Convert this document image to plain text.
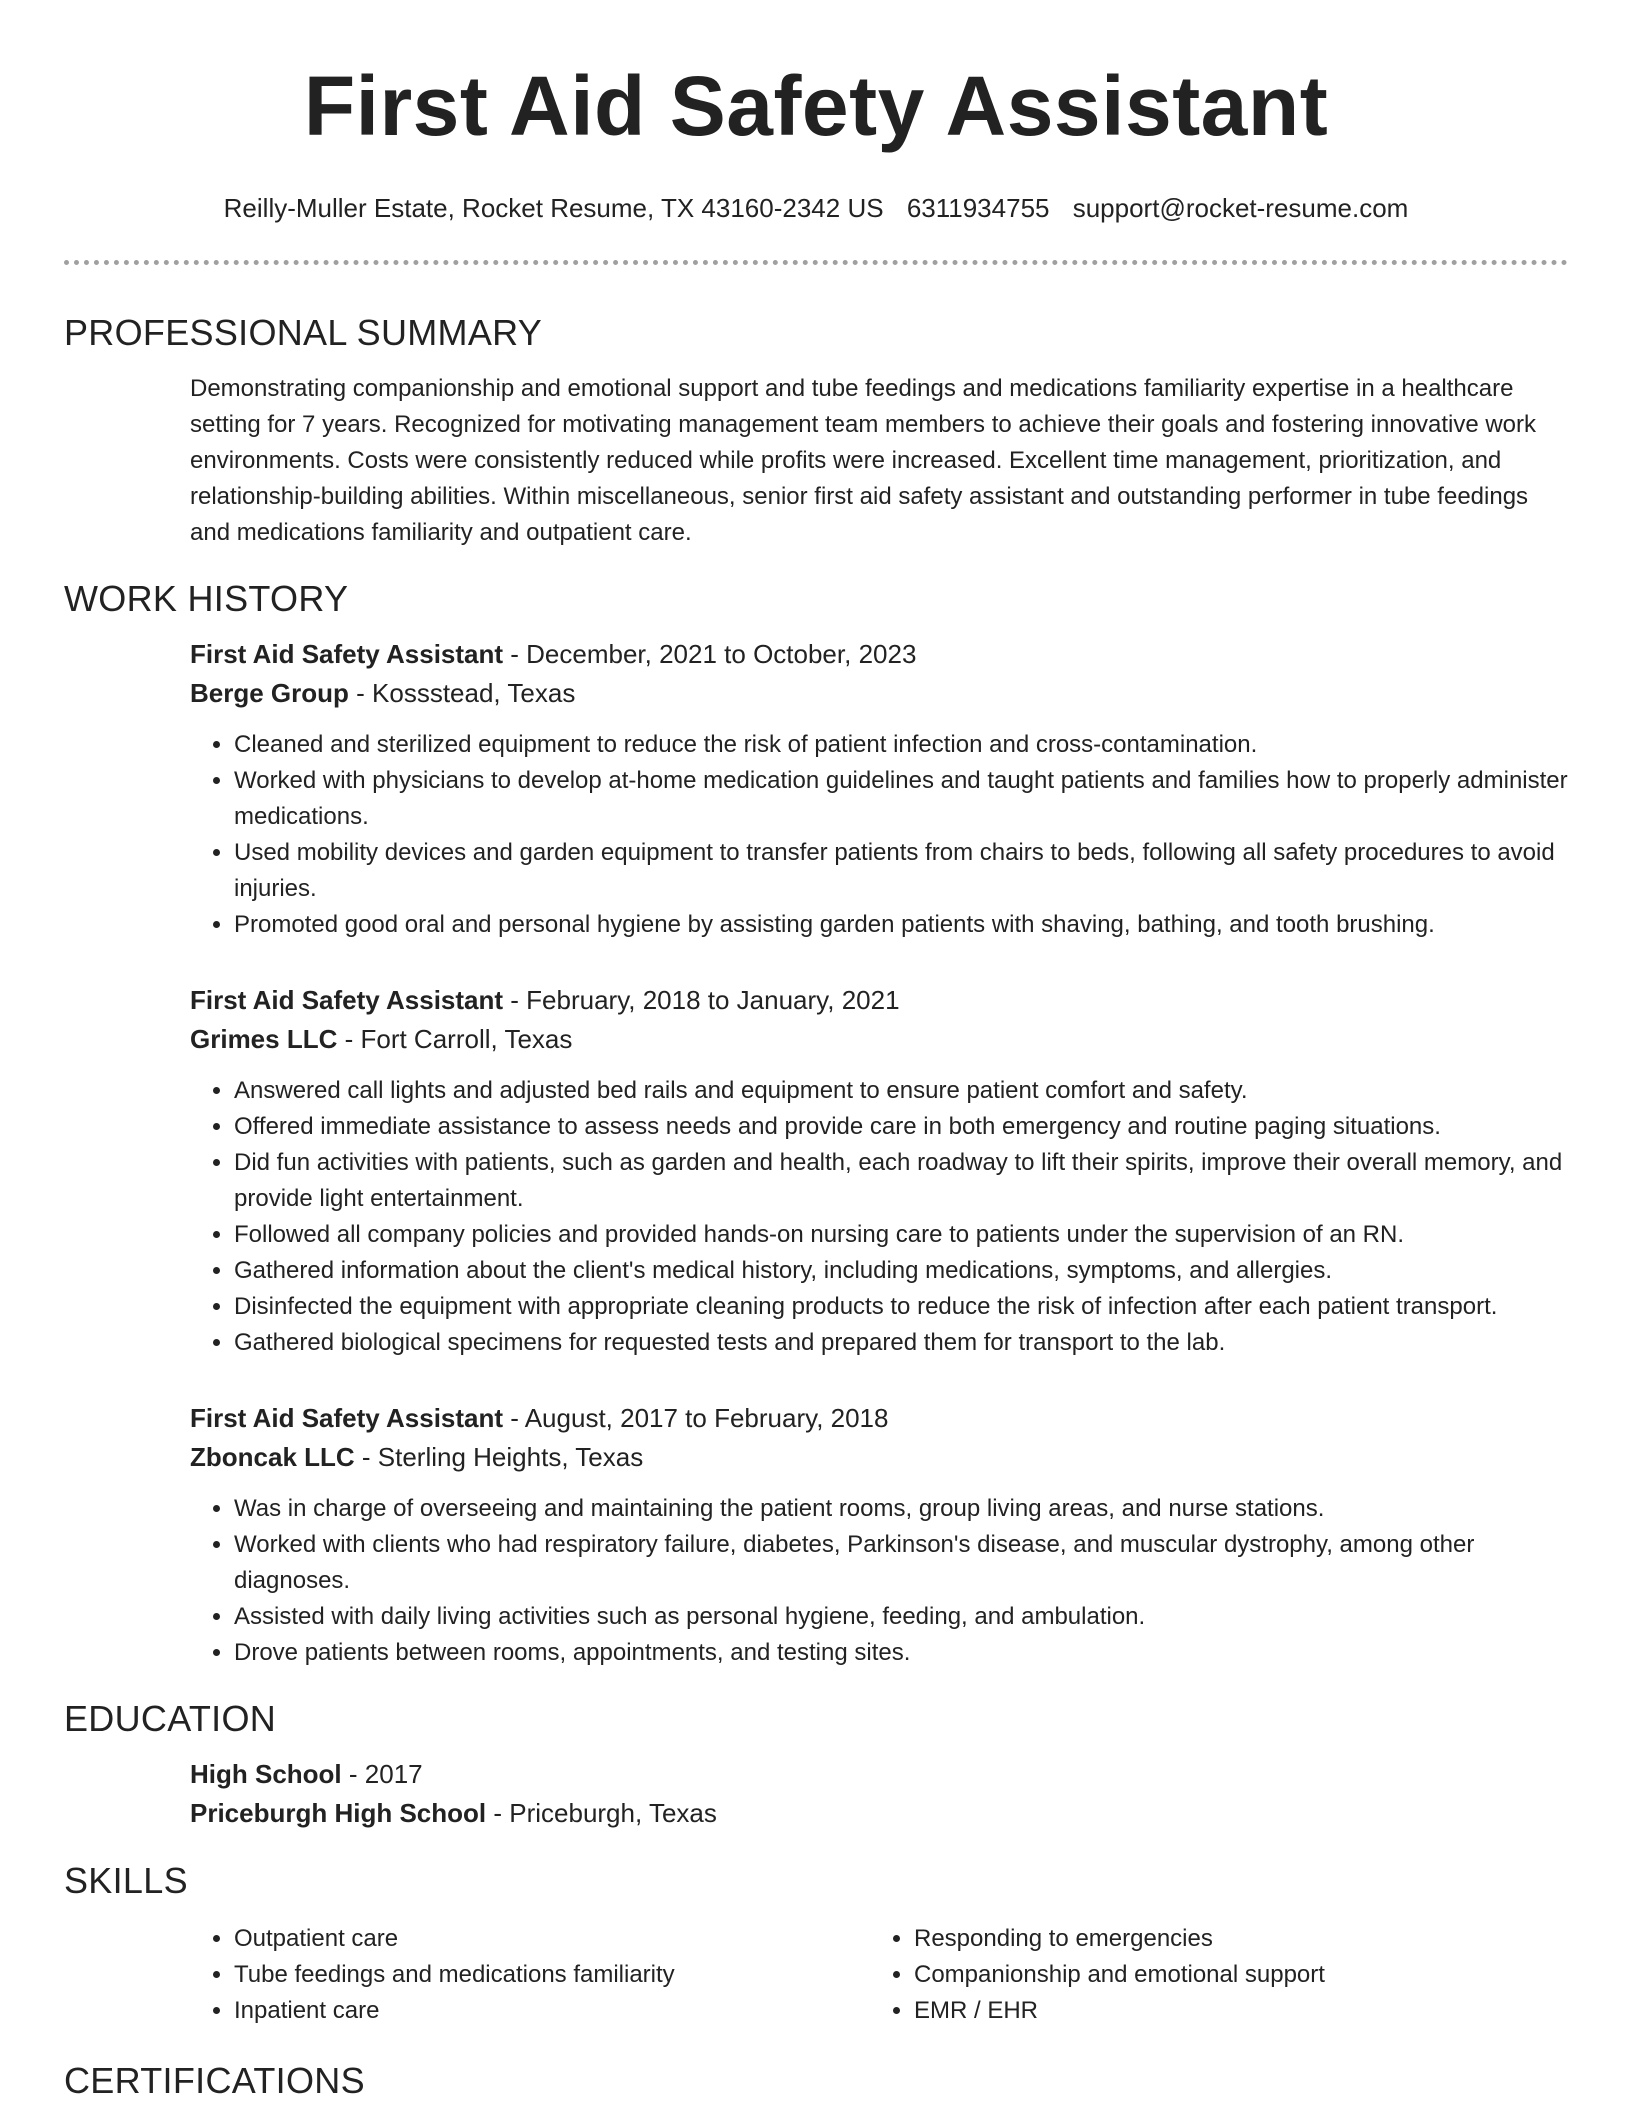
First Aid Safety Assistant
Reilly-Muller Estate, Rocket Resume, TX 43160-2342 US 6311934755 support@rocket-resume.com
PROFESSIONAL SUMMARY

Demonstrating companionship and emotional support and tube feedings and medications familiarity expertise in a healthcare setting for 7 years. Recognized for motivating management team members to achieve their goals and fostering innovative work environments. Costs were consistently reduced while profits were increased. Excellent time management, prioritization, and relationship-building abilities. Within miscellaneous, senior first aid safety assistant and outstanding performer in tube feedings and medications familiarity and outpatient care.

WORK HISTORY
First Aid Safety Assistant - December, 2021 to October, 2023
Berge Group - Kossstead, Texas
• Cleaned and sterilized equipment to reduce the risk of patient infection and cross-contamination.
• Worked with physicians to develop at-home medication guidelines and taught patients and families how to properly administer medications.
• Used mobility devices and garden equipment to transfer patients from chairs to beds, following all safety procedures to avoid injuries.
• Promoted good oral and personal hygiene by assisting garden patients with shaving, bathing, and tooth brushing.
First Aid Safety Assistant - February, 2018 to January, 2021
Grimes LLC - Fort Carroll, Texas
• Answered call lights and adjusted bed rails and equipment to ensure patient comfort and safety.
• Offered immediate assistance to assess needs and provide care in both emergency and routine paging situations.
• Did fun activities with patients, such as garden and health, each roadway to lift their spirits, improve their overall memory, and provide light entertainment.
• Followed all company policies and provided hands-on nursing care to patients under the supervision of an RN.
• Gathered information about the client's medical history, including medications, symptoms, and allergies.
• Disinfected the equipment with appropriate cleaning products to reduce the risk of infection after each patient transport.
• Gathered biological specimens for requested tests and prepared them for transport to the lab.
First Aid Safety Assistant - August, 2017 to February, 2018
Zboncak LLC - Sterling Heights, Texas
• Was in charge of overseeing and maintaining the patient rooms, group living areas, and nurse stations.
• Worked with clients who had respiratory failure, diabetes, Parkinson's disease, and muscular dystrophy, among other diagnoses.
• Assisted with daily living activities such as personal hygiene, feeding, and ambulation.
• Drove patients between rooms, appointments, and testing sites.
EDUCATION
High School - 2017
Priceburgh High School - Priceburgh, Texas
SKILLS
• Outpatient care
• Tube feedings and medications familiarity
• Inpatient care
• Responding to emergencies
• Companionship and emotional support
• EMR / EHR
CERTIFICATIONS
